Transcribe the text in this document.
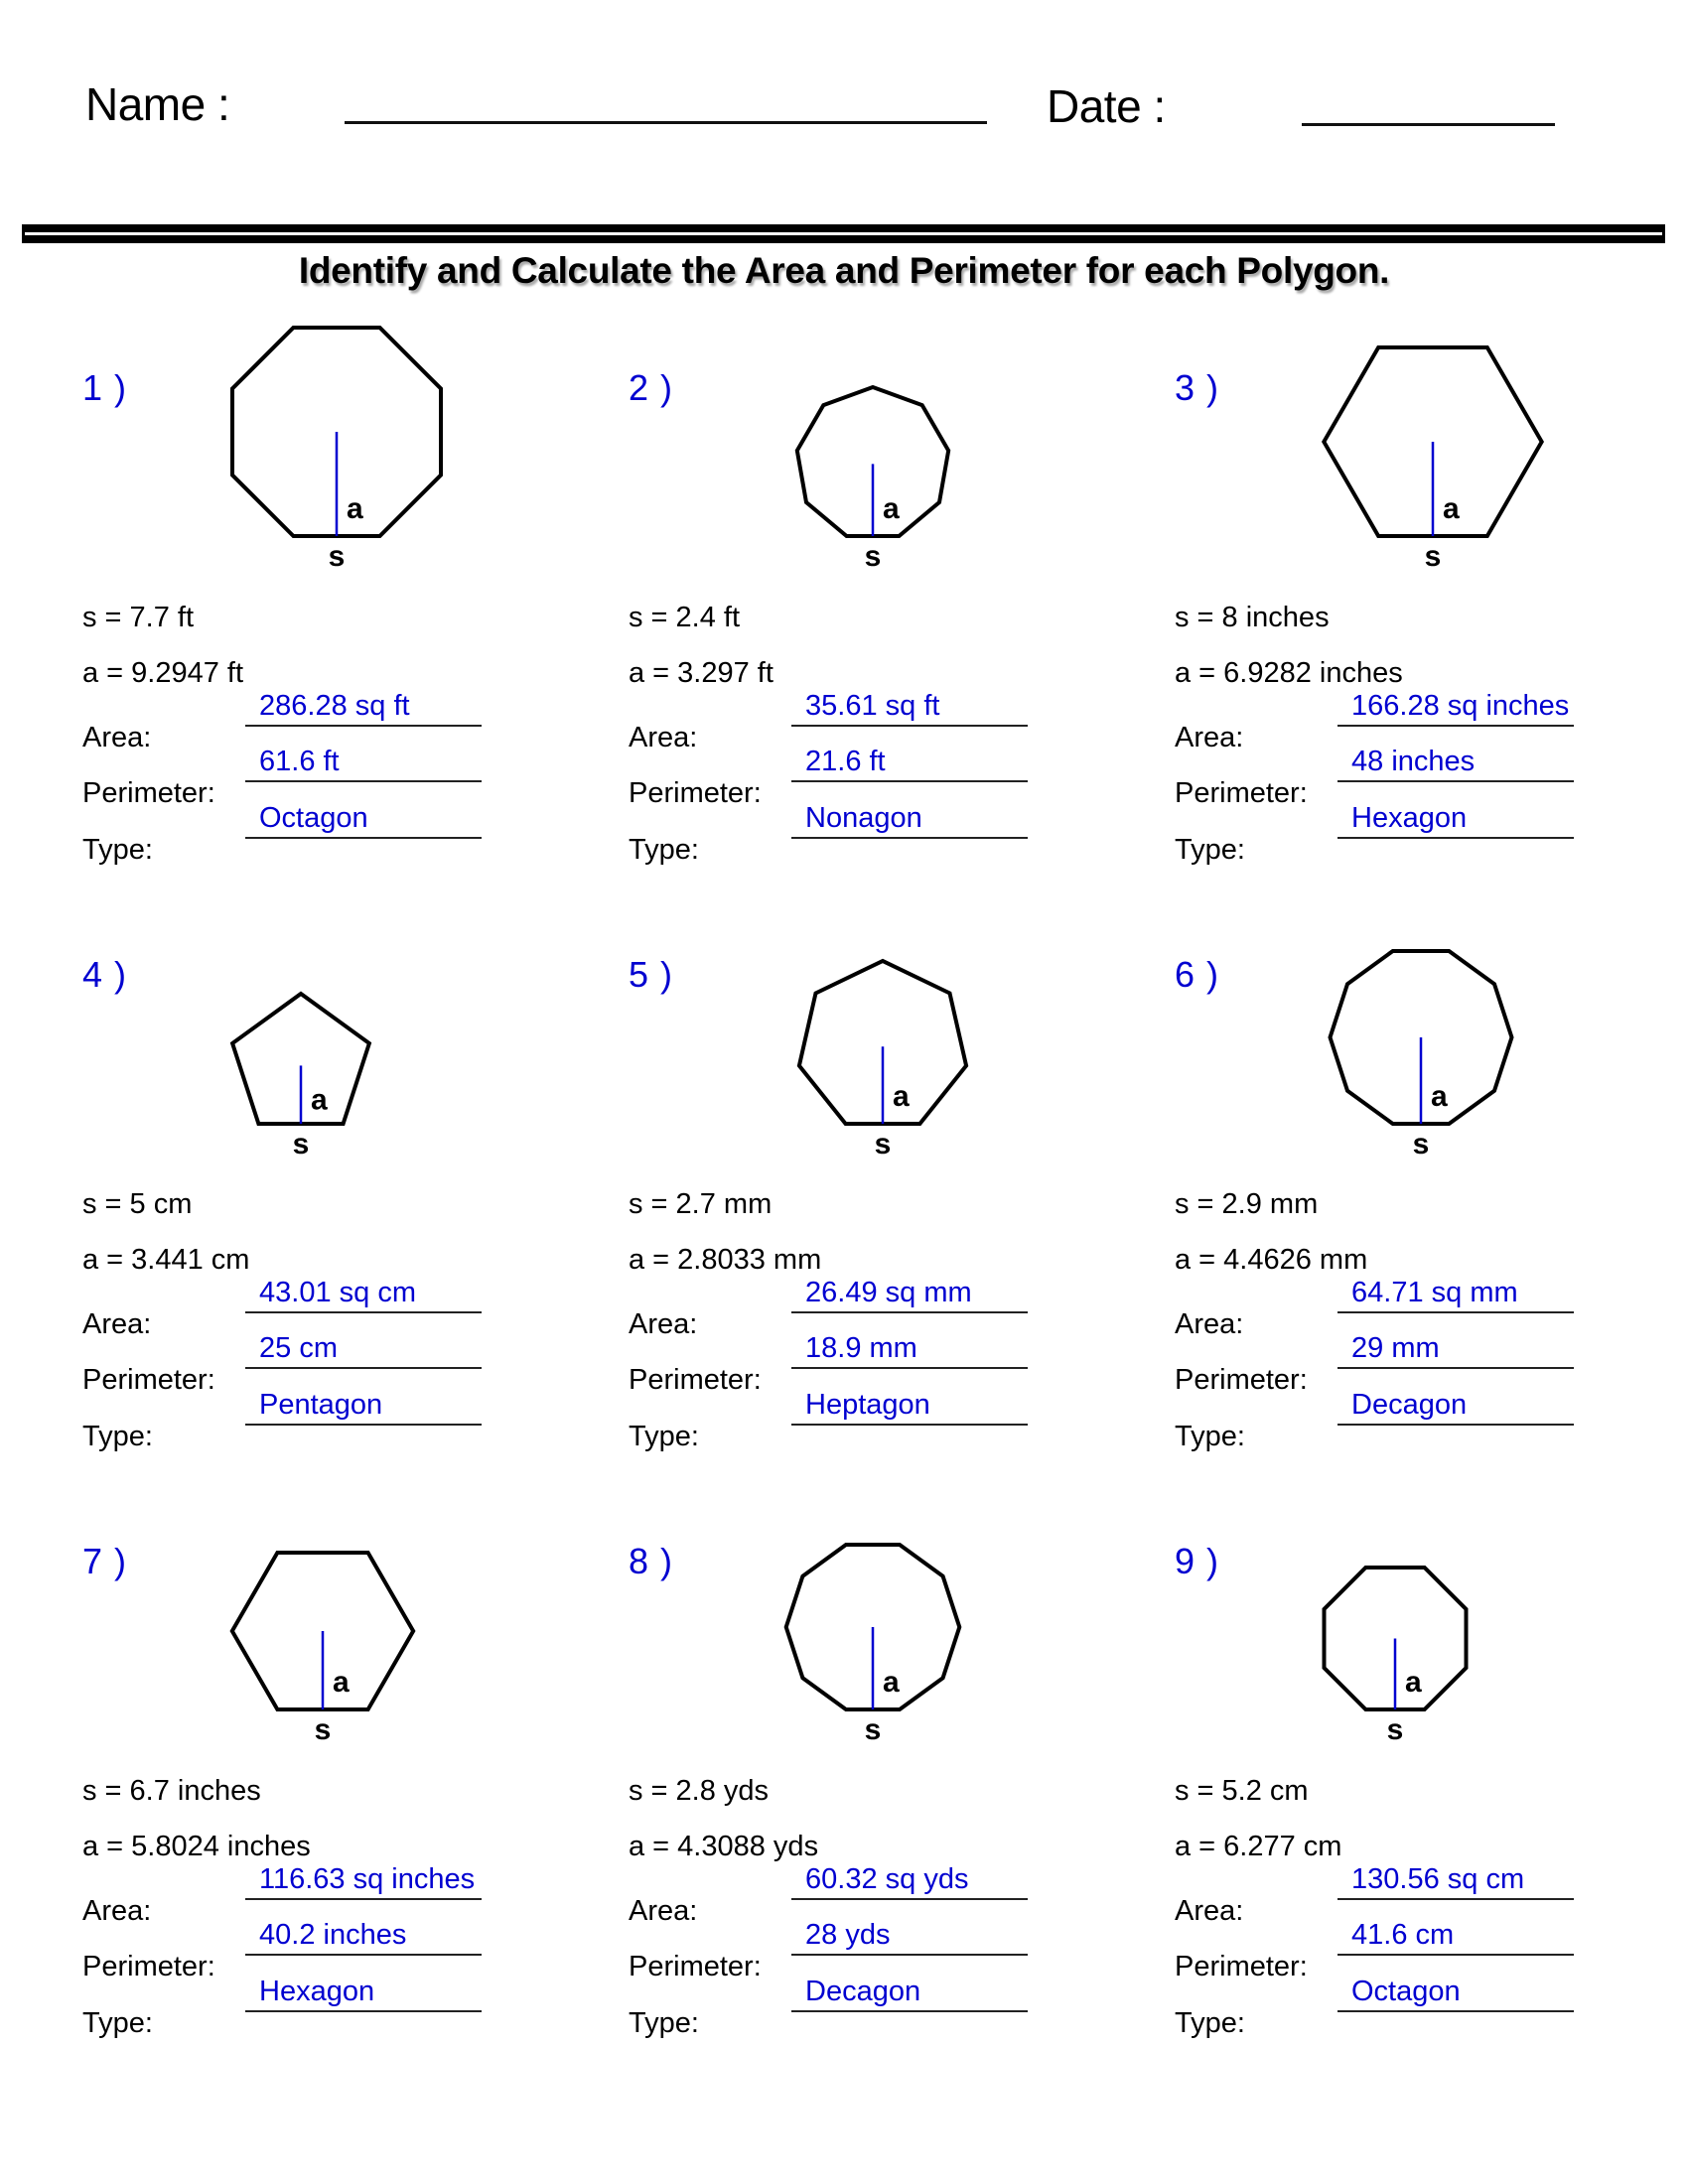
Name :	Date :
Identify and Calculate the Area and Perimeter for each Polygon.
1 )
a
s
s = 7.7 ft
a = 9.2947 ft
Area:
286.28 sq ft
Perimeter:
61.6 ft
Type:
Octagon
2 )
a
s
s = 2.4 ft
a = 3.297 ft
Area:
35.61 sq ft
Perimeter:
21.6 ft
Type:
Nonagon
3 )
a
s
s = 8 inches
a = 6.9282 inches
Area:
166.28 sq inches
Perimeter:
48 inches
Type:
Hexagon
4 )
a
s
s = 5 cm
a = 3.441 cm
Area:
43.01 sq cm
Perimeter:
25 cm
Type:
Pentagon
5 )
a
s
s = 2.7 mm
a = 2.8033 mm
Area:
26.49 sq mm
Perimeter:
18.9 mm
Type:
Heptagon
6 )
a
s
s = 2.9 mm
a = 4.4626 mm
Area:
64.71 sq mm
Perimeter:
29 mm
Type:
Decagon
7 )
a
s
s = 6.7 inches
a = 5.8024 inches
Area:
116.63 sq inches
Perimeter:
40.2 inches
Type:
Hexagon
8 )
a
s
s = 2.8 yds
a = 4.3088 yds
Area:
60.32 sq yds
Perimeter:
28 yds
Type:
Decagon
9 )
a
s
s = 5.2 cm
a = 6.277 cm
Area:
130.56 sq cm
Perimeter:
41.6 cm
Type:
Octagon
